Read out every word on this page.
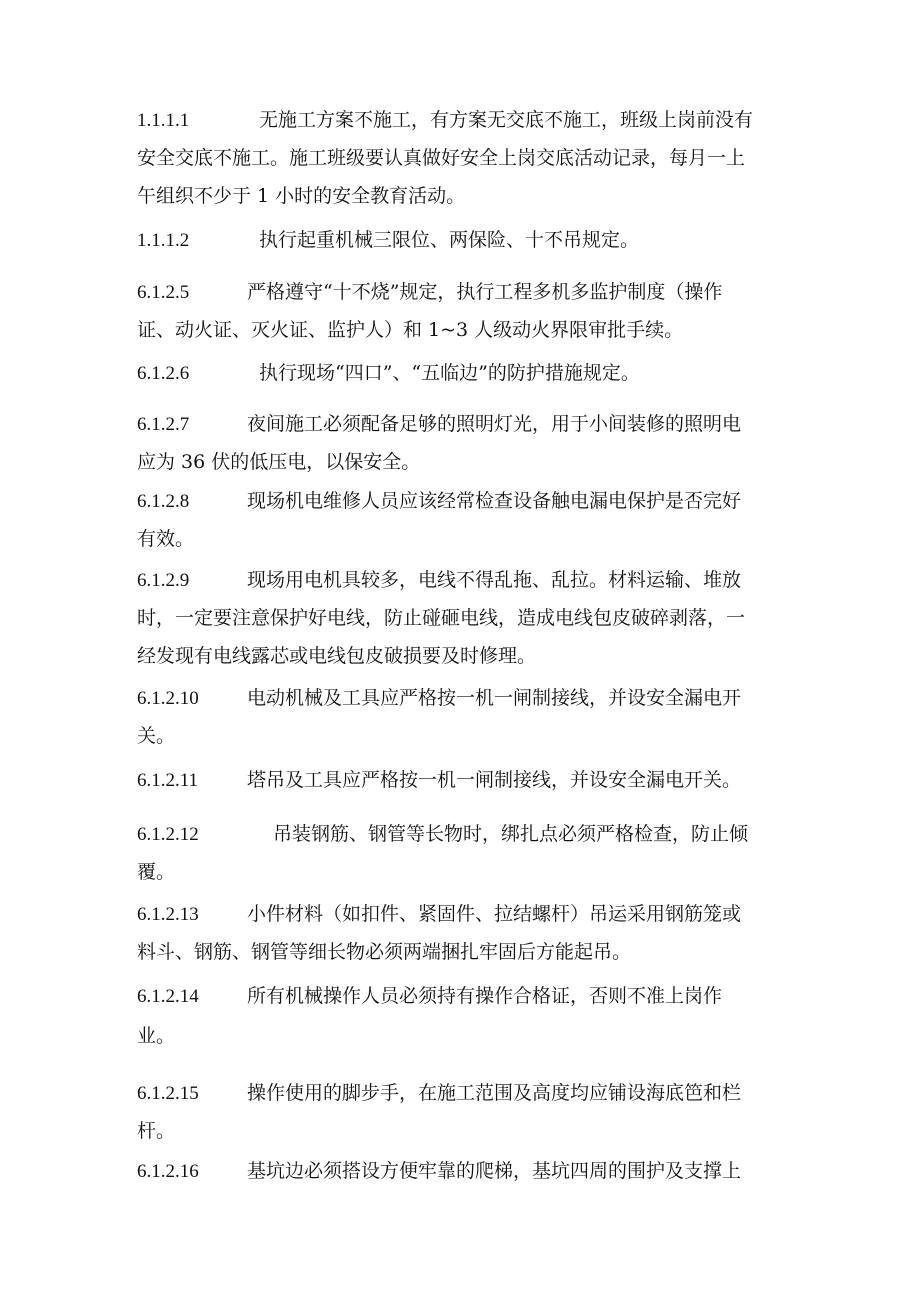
1.1.1.1	无施工方案不施工，有方案无交底不施工，班级上岗前没有
安全交底不施工。施工班级要认真做好安全上岗交底活动记录，每月一上
午组织不少于 1 小时的安全教育活动。
1.1.1.2	执行起重机械三限位、两保险、十不吊规定。
6.1.2.5	严格遵守“十不烧”规定，执行工程多机多监护制度（操作
证、动火证、灭火证、监护人）和 1~3 人级动火界限审批手续。
6.1.2.6	执行现场“四口”、“五临边”的防护措施规定。
6.1.2.7	夜间施工必须配备足够的照明灯光，用于小间装修的照明电
应为 36 伏的低压电，以保安全。
6.1.2.8	现场机电维修人员应该经常检查设备触电漏电保护是否完好
有效。
6.1.2.9	现场用电机具较多，电线不得乱拖、乱拉。材料运输、堆放
时，一定要注意保护好电线，防止碰砸电线，造成电线包皮破碎剥落，一
经发现有电线露芯或电线包皮破损要及时修理。
6.1.2.10	电动机械及工具应严格按一机一闸制接线，并设安全漏电开
关。
6.1.2.11	塔吊及工具应严格按一机一闸制接线，并设安全漏电开关。
6.1.2.12	吊装钢筋、钢管等长物时，绑扎点必须严格检查，防止倾
覆。
6.1.2.13	小件材料（如扣件、紧固件、拉结螺杆）吊运采用钢筋笼或
料斗、钢筋、钢管等细长物必须两端捆扎牢固后方能起吊。
6.1.2.14	所有机械操作人员必须持有操作合格证，否则不准上岗作
业。
6.1.2.15	操作使用的脚步手，在施工范围及高度均应铺设海底笆和栏
杆。
6.1.2.16	基坑边必须搭设方便牢靠的爬梯，基坑四周的围护及支撑上
